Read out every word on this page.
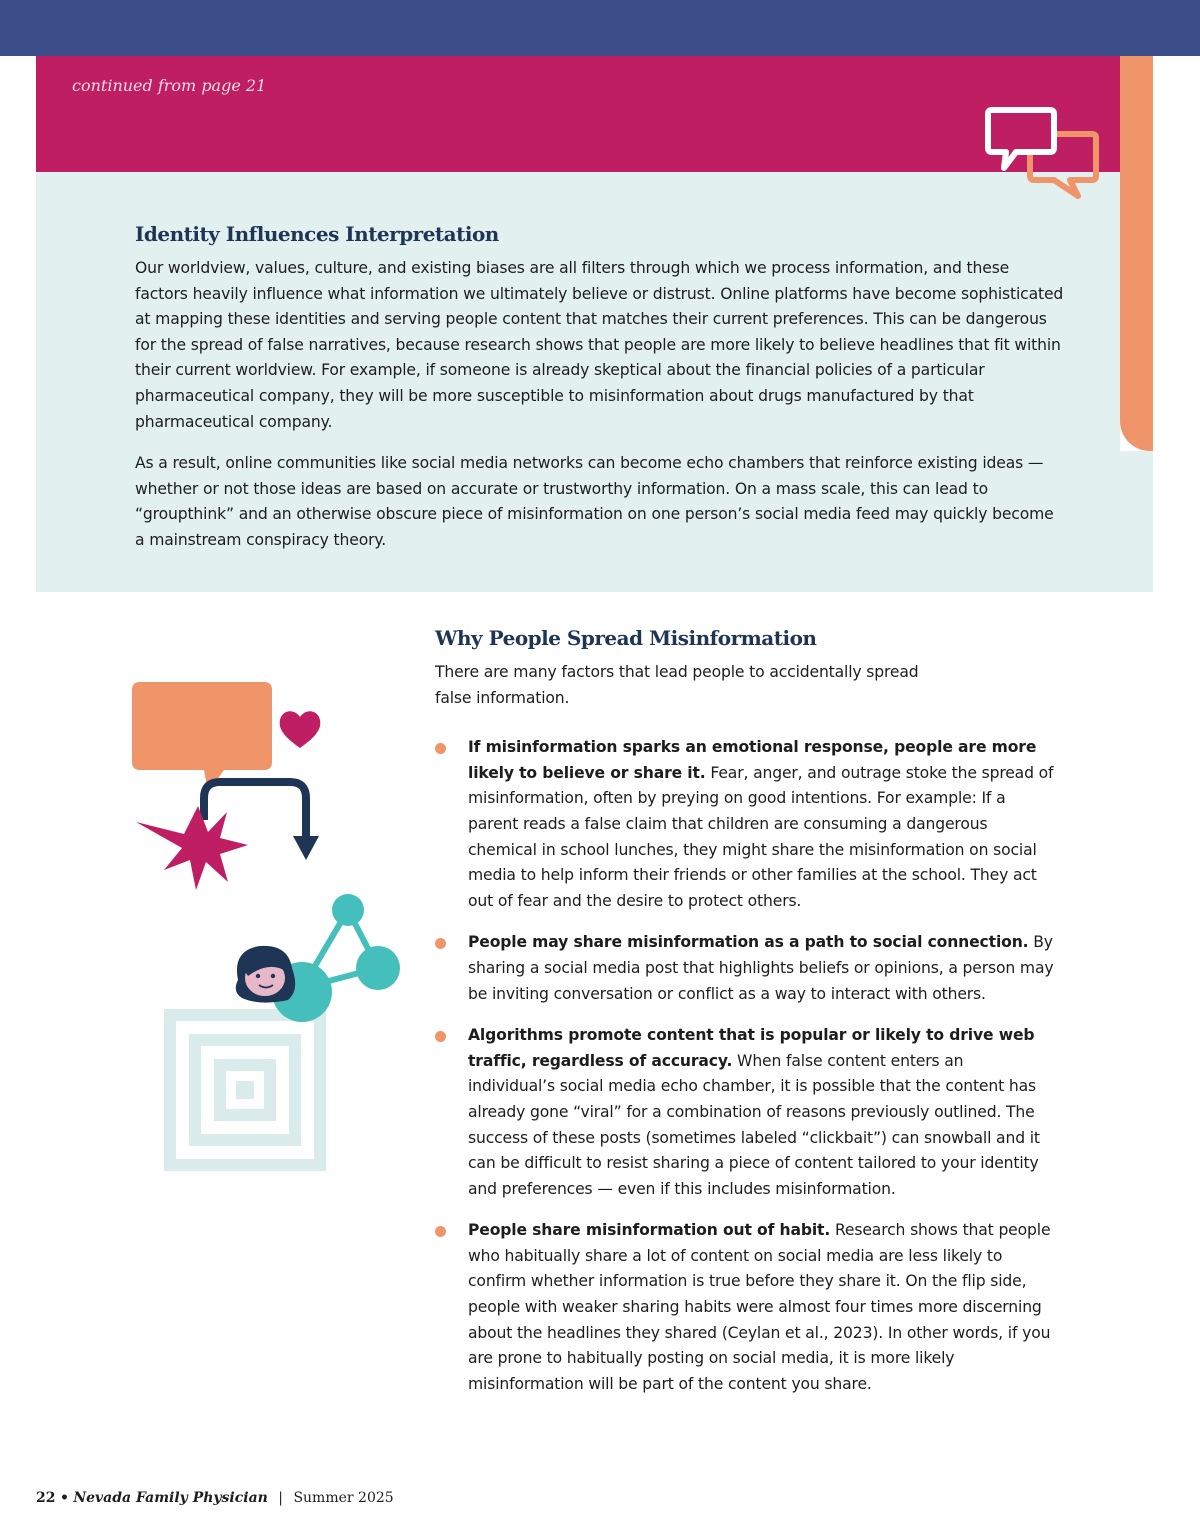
continued from page 21
Identity Influences Interpretation

Our worldview, values, culture, and existing biases are all filters through which we process information, and these factors heavily influence what information we ultimately believe or distrust. Online platforms have become sophisticated at mapping these identities and serving people content that matches their current preferences. This can be dangerous for the spread of false narratives, because research shows that people are more likely to believe headlines that fit within their current worldview. For example, if someone is already skeptical about the financial policies of a particular pharmaceutical company, they will be more susceptible to misinformation about drugs manufactured by that pharmaceutical company.

As a result, online communities like social media networks can become echo chambers that reinforce existing ideas — whether or not those ideas are based on accurate or trustworthy information. On a mass scale, this can lead to “groupthink” and an otherwise obscure piece of misinformation on one person’s social media feed may quickly become a mainstream conspiracy theory.

Why People Spread Misinformation

There are many factors that lead people to accidentally spread false information.

If misinformation sparks an emotional response, people are more likely to believe or share it. Fear, anger, and outrage stoke the spread of misinformation, often by preying on good intentions. For example: If a parent reads a false claim that children are consuming a dangerous chemical in school lunches, they might share the misinformation on social media to help inform their friends or other families at the school. They act out of fear and the desire to protect others.
People may share misinformation as a path to social connection. By sharing a social media post that highlights beliefs or opinions, a person may be inviting conversation or conflict as a way to interact with others.
Algorithms promote content that is popular or likely to drive web traffic, regardless of accuracy. When false content enters an individual’s social media echo chamber, it is possible that the content has already gone “viral” for a combination of reasons previously outlined. The success of these posts (sometimes labeled “clickbait”) can snowball and it can be difficult to resist sharing a piece of content tailored to your identity and preferences — even if this includes misinformation.
People share misinformation out of habit. Research shows that people who habitually share a lot of content on social media are less likely to confirm whether information is true before they share it. On the flip side, people with weaker sharing habits were almost four times more discerning about the headlines they shared (Ceylan et al., 2023). In other words, if you are prone to habitually posting on social media, it is more likely misinformation will be part of the content you share.
22 • Nevada Family Physician | Summer 2025
